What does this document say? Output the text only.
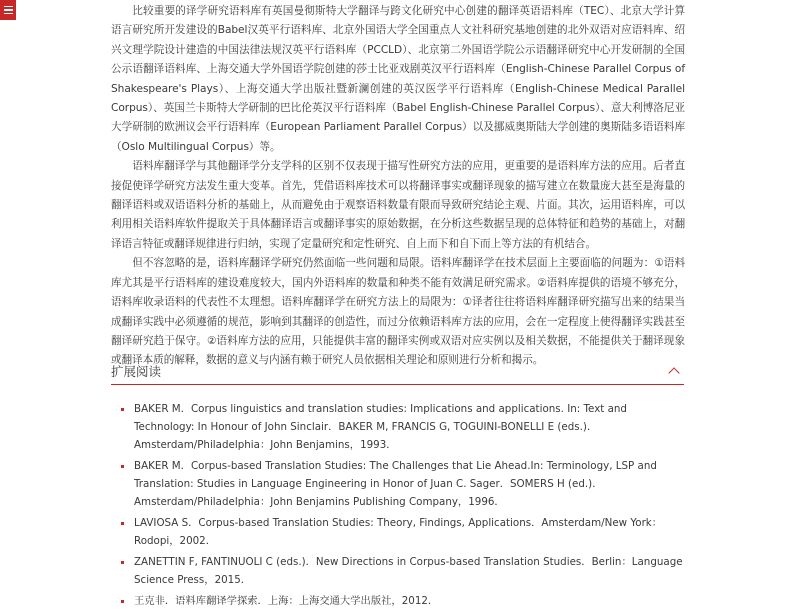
比较重要的译学研究语料库有英国曼彻斯特大学翻译与跨文化研究中心创建的翻译英语语料库（TEC）、北京大学计算语言研究所开发建设的Babel汉英平行语料库、北京外国语大学全国重点人文社科研究基地创建的北外双语对应语料库、绍兴文理学院设计建造的中国法律法规汉英平行语料库（PCCLD）、北京第二外国语学院公示语翻译研究中心开发研制的全国公示语翻译语料库、上海交通大学外国语学院创建的莎士比亚戏剧英汉平行语料库（English-Chinese Parallel Corpus of Shakespeare's Plays）、上海交通大学出版社暨新澜创建的英汉医学平行语料库（English-Chinese Medical Parallel Corpus）、英国兰卡斯特大学研制的巴比伦英汉平行语料库（Babel English-Chinese Parallel Corpus）、意大利博洛尼亚大学研制的欧洲议会平行语料库（European Parliament Parallel Corpus）以及挪威奥斯陆大学创建的奥斯陆多语语料库（Oslo Multilingual Corpus）等。

语料库翻译学与其他翻译学分支学科的区别不仅表现于描写性研究方法的应用，更重要的是语料库方法的应用。后者直接促使译学研究方法发生重大变革。首先，凭借语料库技术可以将翻译事实或翻译现象的描写建立在数量庞大甚至是海量的翻译语料或双语语料分析的基础上，从而避免由于观察语料数量有限而导致研究结论主观、片面。其次，运用语料库，可以利用相关语料库软件提取关于具体翻译语言或翻译事实的原始数据，在分析这些数据呈现的总体特征和趋势的基础上，对翻译语言特征或翻译规律进行归纳，实现了定量研究和定性研究、自上而下和自下而上等方法的有机结合。

但不容忽略的是，语料库翻译学研究仍然面临一些问题和局限。语料库翻译学在技术层面上主要面临的问题为：①语料库尤其是平行语料库的建设难度较大，国内外语料库的数量和种类不能有效满足研究需求。②语料库提供的语境不够充分，语料库收录语料的代表性不太理想。语料库翻译学在研究方法上的局限为：①译者往往将语料库翻译研究描写出来的结果当成翻译实践中必须遵循的规范，影响到其翻译的创造性，而过分依赖语料库方法的应用，会在一定程度上使得翻译实践甚至翻译研究趋于保守。②语料库方法的应用，只能提供丰富的翻译实例或双语对应实例以及相关数据，不能提供关于翻译现象或翻译本质的解释，数据的意义与内涵有赖于研究人员依据相关理论和原则进行分析和揭示。

扩展阅读
BAKER M．Corpus linguistics and translation studies: Implications and applications. In: Text and Technology: In Honour of John Sinclair．BAKER M, FRANCIS G, TOGUINI-BONELLI E (eds.)．Amsterdam/Philadelphia：John Benjamins，1993．
BAKER M．Corpus-based Translation Studies: The Challenges that Lie Ahead.In: Terminology, LSP and Translation: Studies in Language Engineering in Honor of Juan C. Sager．SOMERS H (ed.)．Amsterdam/Philadelphia：John Benjamins Publishing Company，1996．
LAVIOSA S．Corpus-based Translation Studies: Theory, Findings, Applications．Amsterdam/New York：Rodopi，2002．
ZANETTIN F, FANTINUOLI C (eds.)．New Directions in Corpus-based Translation Studies．Berlin：Language Science Press，2015．
王克非．语料库翻译学探索．上海：上海交通大学出版社，2012．
